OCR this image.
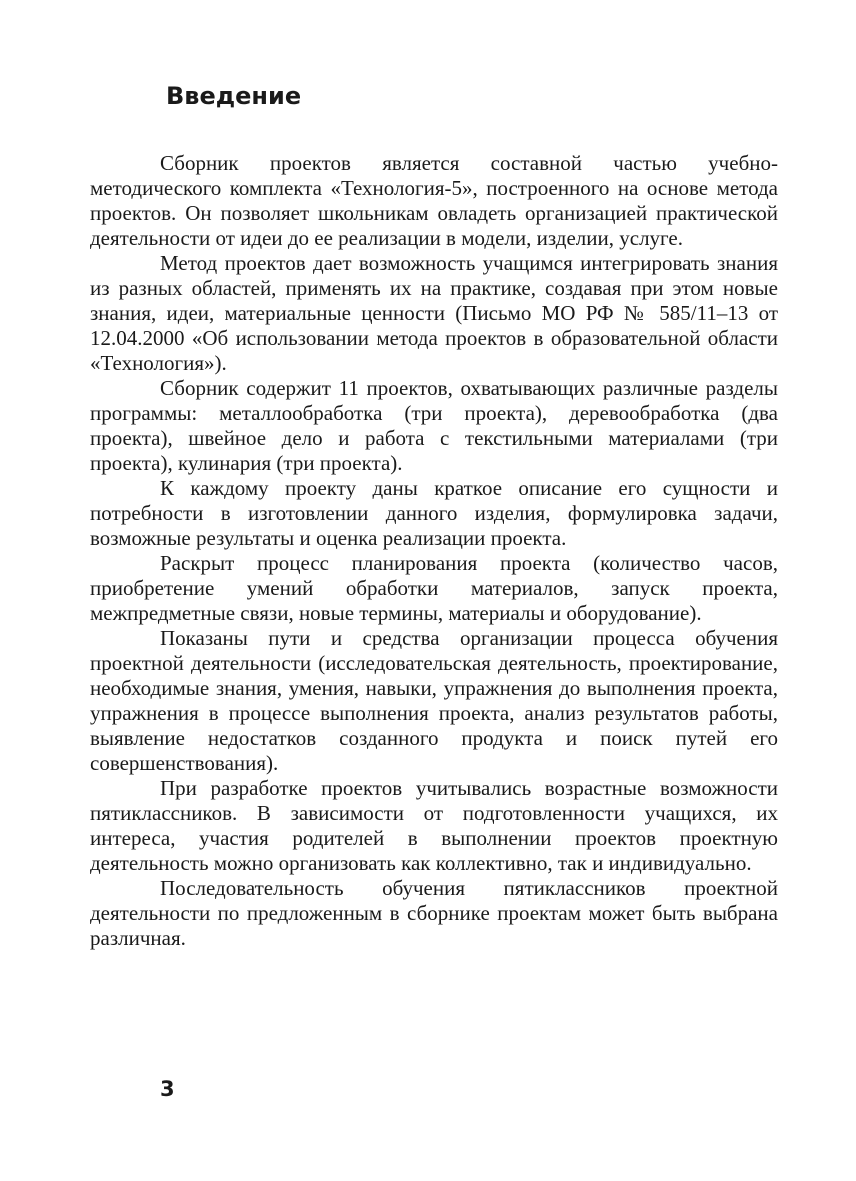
Введение

Сборник проектов является составной частью учебно-методического комплекта «Технология-5», построенного на основе метода проектов. Он позволяет школьникам овладеть организацией практической деятельности от идеи до ее реализации в модели, изделии, услуге.

Метод проектов дает возможность учащимся интегрировать знания из разных областей, применять их на практике, создавая при этом новые знания, идеи, материальные ценности (Письмо МО РФ № 585/11–13 от 12.04.2000 «Об использовании метода проектов в образовательной области «Технология»).

Сборник содержит 11 проектов, охватывающих различные разделы программы: металлообработка (три проекта), деревообработка (два проекта), швейное дело и работа с текстильными материалами (три проекта), кулинария (три проекта).

К каждому проекту даны краткое описание его сущности и потребности в изготовлении данного изделия, формулировка задачи, возможные результаты и оценка реализации проекта.

Раскрыт процесс планирования проекта (количество часов, приобретение умений обработки материалов, запуск проекта, межпредметные связи, новые термины, материалы и оборудование).

Показаны пути и средства организации процесса обучения проектной деятельности (исследовательская деятельность, проектирование, необходимые знания, умения, навыки, упражнения до выполнения проекта, упражнения в процессе выполнения проекта, анализ результатов работы, выявление недостатков созданного продукта и поиск путей его совершенствования).

При разработке проектов учитывались возрастные возможности пятиклассников. В зависимости от подготовленности учащихся, их интереса, участия родителей в выполнении проектов проектную деятельность можно организовать как коллективно, так и индивидуально.

Последовательность обучения пятиклассников проектной деятельности по предложенным в сборнике проектам может быть выбрана различная.

3
